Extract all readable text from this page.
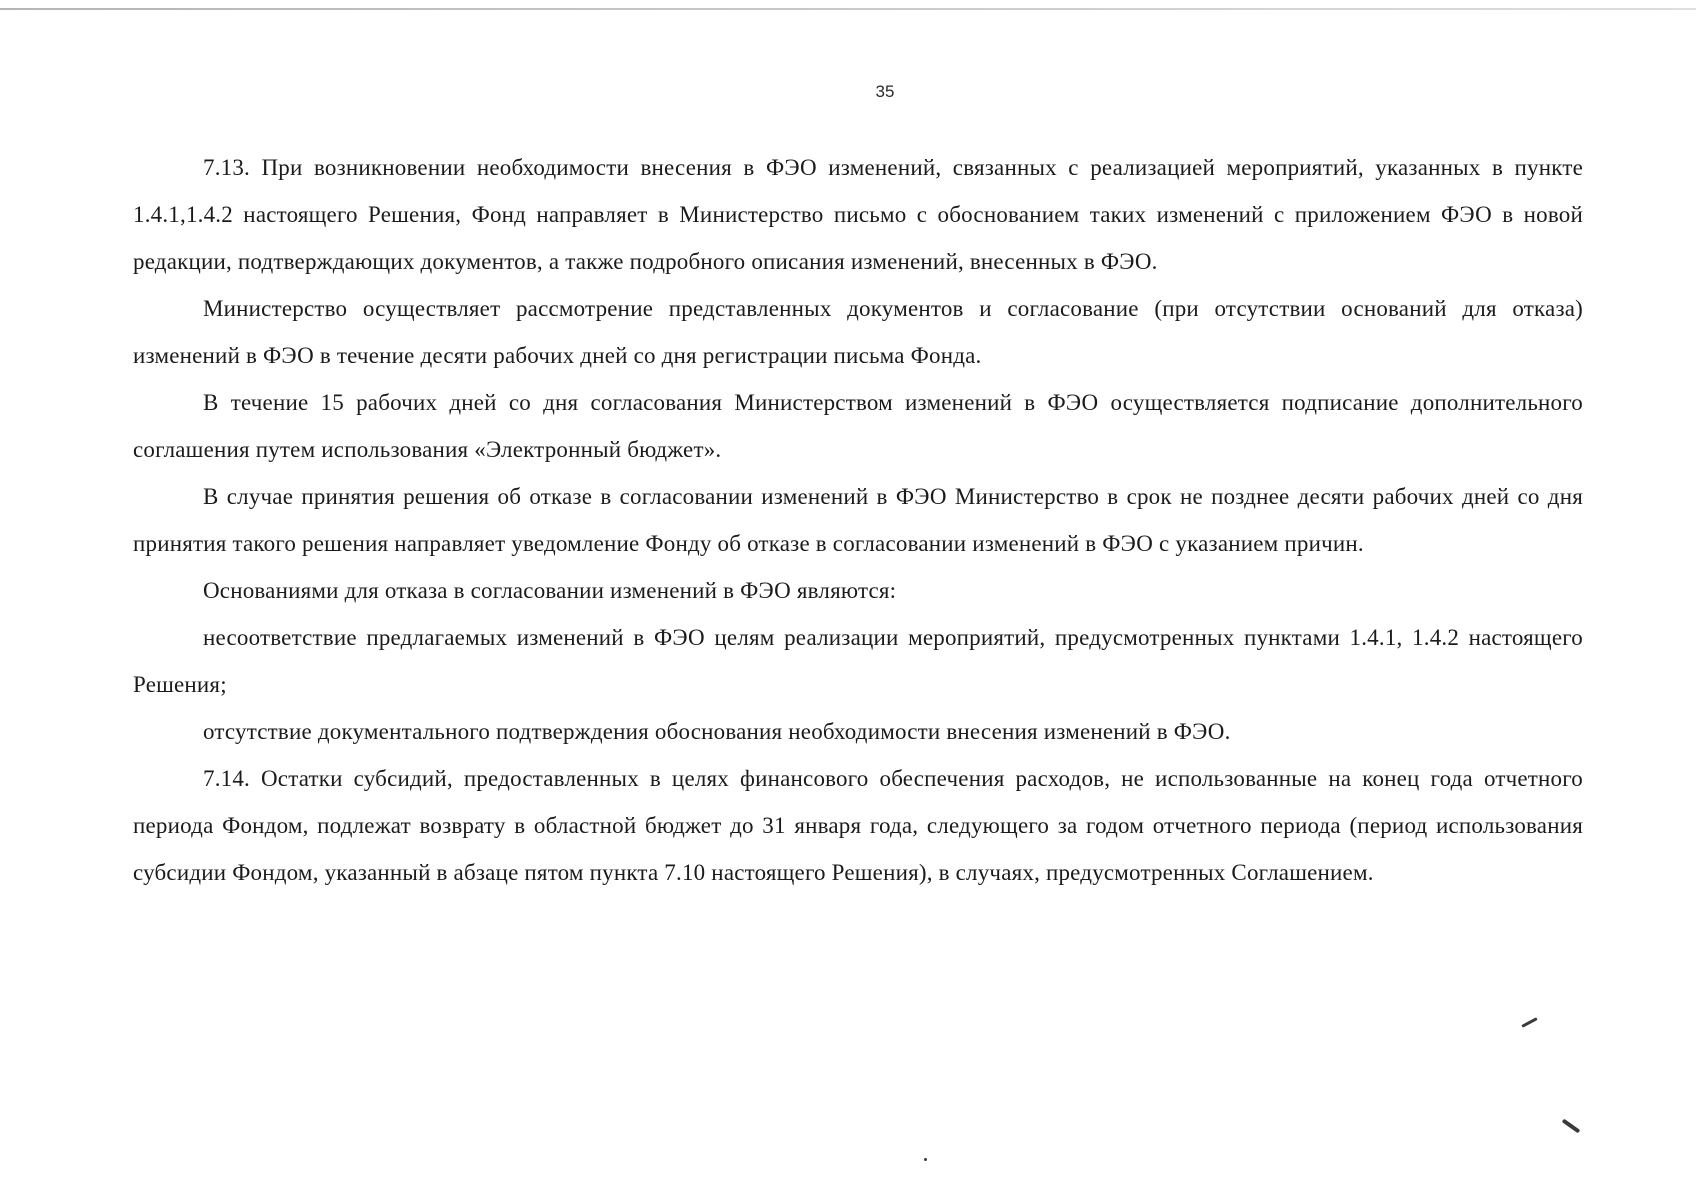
35

7.13. При возникновении необходимости внесения в ФЭО изменений, связанных с реализацией мероприятий, указанных в пункте 1.4.1,1.4.2 настоящего Решения, Фонд направляет в Министерство письмо с обоснованием таких изменений с приложением ФЭО в новой редакции, подтверждающих документов, а также подробного описания изменений, внесенных в ФЭО.

Министерство осуществляет рассмотрение представленных документов и согласование (при отсутствии оснований для отказа) изменений в ФЭО в течение десяти рабочих дней со дня регистрации письма Фонда.

В течение 15 рабочих дней со дня согласования Министерством изменений в ФЭО осуществляется подписание дополнительного соглашения путем использования «Электронный бюджет».

В случае принятия решения об отказе в согласовании изменений в ФЭО Министерство в срок не позднее десяти рабочих дней со дня принятия такого решения направляет уведомление Фонду об отказе в согласовании изменений в ФЭО с указанием причин.

Основаниями для отказа в согласовании изменений в ФЭО являются:

несоответствие предлагаемых изменений в ФЭО целям реализации мероприятий, предусмотренных пунктами 1.4.1, 1.4.2 настоящего Решения;

отсутствие документального подтверждения обоснования необходимости внесения изменений в ФЭО.

7.14. Остатки субсидий, предоставленных в целях финансового обеспечения расходов, не использованные на конец года отчетного периода Фондом, подлежат возврату в областной бюджет до 31 января года, следующего за годом отчетного периода (период использования субсидии Фондом, указанный в абзаце пятом пункта 7.10 настоящего Решения), в случаях, предусмотренных Соглашением.
